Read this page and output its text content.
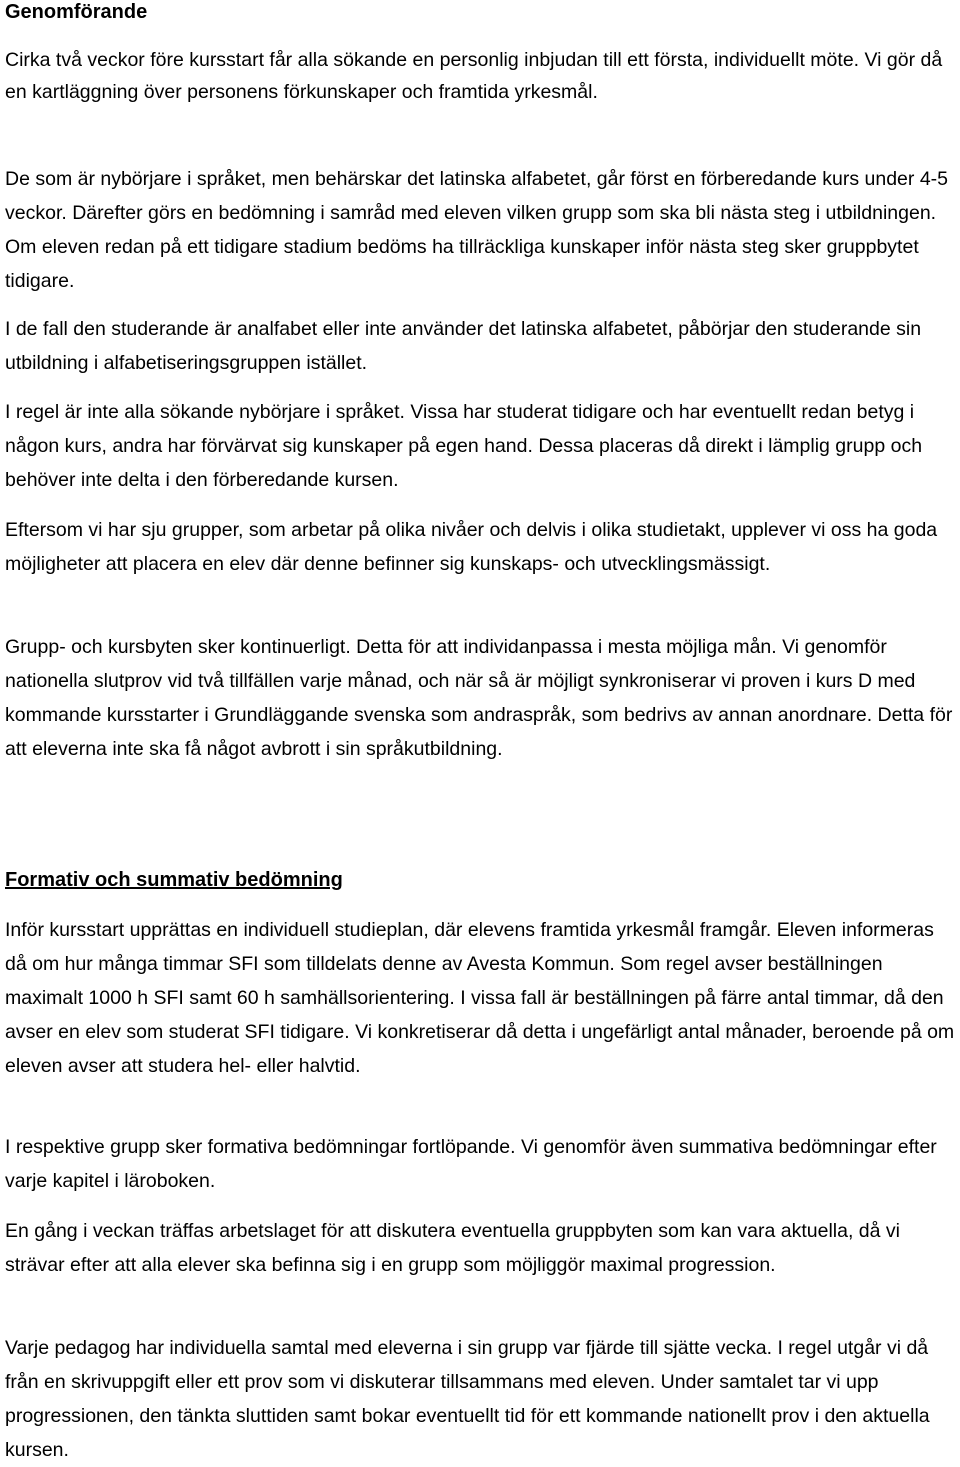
Genomförande

Cirka två veckor före kursstart får alla sökande en personlig inbjudan till ett första, individuellt möte. Vi gör då en kartläggning över personens förkunskaper och framtida yrkesmål.

De som är nybörjare i språket, men behärskar det latinska alfabetet, går först en förberedande kurs under 4-5 veckor. Därefter görs en bedömning i samråd med eleven vilken grupp som ska bli nästa steg i utbildningen. Om eleven redan på ett tidigare stadium bedöms ha tillräckliga kunskaper inför nästa steg sker gruppbytet tidigare.

I de fall den studerande är analfabet eller inte använder det latinska alfabetet, påbörjar den studerande sin utbildning i alfabetiseringsgruppen istället.

I regel är inte alla sökande nybörjare i språket. Vissa har studerat tidigare och har eventuellt redan betyg i någon kurs, andra har förvärvat sig kunskaper på egen hand. Dessa placeras då direkt i lämplig grupp och behöver inte delta i den förberedande kursen.

Eftersom vi har sju grupper, som arbetar på olika nivåer och delvis i olika studietakt, upplever vi oss ha goda möjligheter att placera en elev där denne befinner sig kunskaps- och utvecklingsmässigt.

Grupp- och kursbyten sker kontinuerligt. Detta för att individanpassa i mesta möjliga mån. Vi genomför nationella slutprov vid två tillfällen varje månad, och när så är möjligt synkroniserar vi proven i kurs D med kommande kursstarter i Grundläggande svenska som andraspråk, som bedrivs av annan anordnare. Detta för att eleverna inte ska få något avbrott i sin språkutbildning.

Formativ och summativ bedömning

Inför kursstart upprättas en individuell studieplan, där elevens framtida yrkesmål framgår. Eleven informeras då om hur många timmar SFI som tilldelats denne av Avesta Kommun. Som regel avser beställningen maximalt 1000 h SFI samt 60 h samhällsorientering. I vissa fall är beställningen på färre antal timmar, då den avser en elev som studerat SFI tidigare. Vi konkretiserar då detta i ungefärligt antal månader, beroende på om eleven avser att studera hel- eller halvtid.

I respektive grupp sker formativa bedömningar fortlöpande. Vi genomför även summativa bedömningar efter varje kapitel i läroboken.

En gång i veckan träffas arbetslaget för att diskutera eventuella gruppbyten som kan vara aktuella, då vi strävar efter att alla elever ska befinna sig i en grupp som möjliggör maximal progression.

Varje pedagog har individuella samtal med eleverna i sin grupp var fjärde till sjätte vecka. I regel utgår vi då från en skrivuppgift eller ett prov som vi diskuterar tillsammans med eleven. Under samtalet tar vi upp progressionen, den tänkta sluttiden samt bokar eventuellt tid för ett kommande nationellt prov i den aktuella kursen.
